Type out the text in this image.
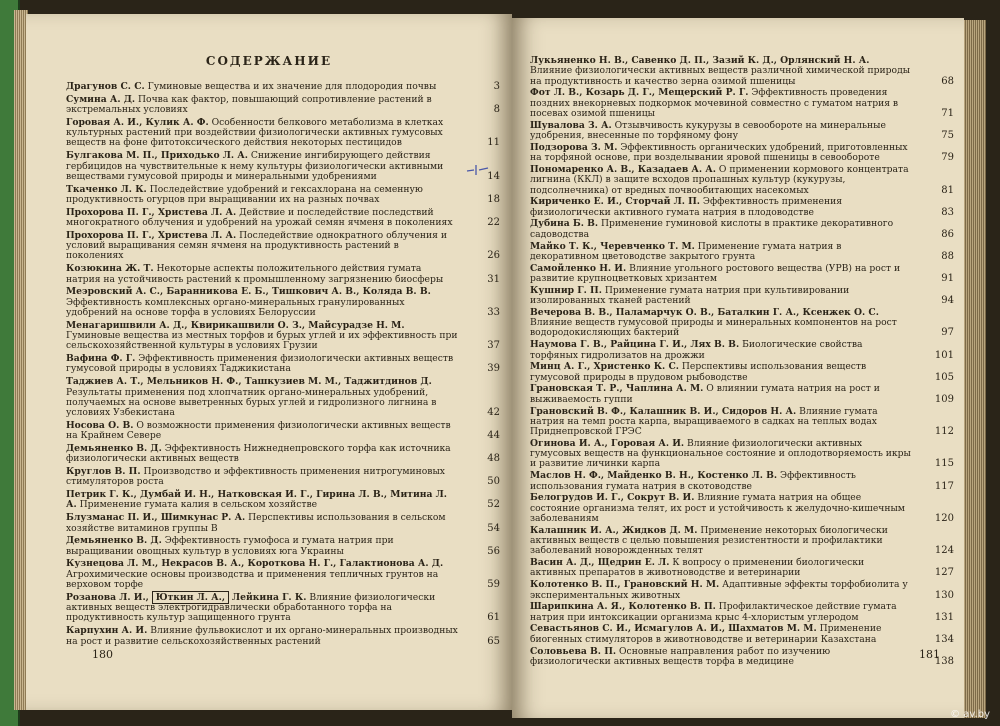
СОДЕРЖАНИЕ
Драгунов С. С. Гуминовые вещества и их значение для плодородия почвы	3
Сумина А. Д. Почва как фактор, повышающий сопротивление растений в экстремальных условиях	8
Горовая А. И., Кулик А. Ф. Особенности белкового метаболизма в клетках культурных растений при воздействии физиологически активных гумусовых веществ на фоне фитотоксического действия некоторых пестицидов	11
Булгакова М. П., Приходько Л. А. Снижение ингибирующего действия гербицидов на чувствительные к нему культуры физиологически активными веществами гумусовой природы и минеральными удобрениями	14
Ткаченко Л. К. Последействие удобрений и гексахлорана на семенную продуктивность огурцов при выращивании их на разных почвах	18
Прохорова П. Г., Христева Л. А. Действие и последействие последствий многократного облучения и удобрений на урожай семян ячменя в поколениях	22
Прохорова П. Г., Христева Л. А. Последействие однократного облучения и условий выращивания семян ячменя на продуктивность растений в поколениях	26
Козюкина Ж. Т. Некоторые аспекты положительного действия гумата натрия на устойчивость растений к промышленному загрязнению биосферы	31
Меэровский А. С., Баранникова Е. Б., Тишкович А. В., Коляда В. В. Эффективность комплексных органо-минеральных гранулированных удобрений на основе торфа в условиях Белоруссии	33
Менагаришвили А. Д., Квирикашвили О. З., Майсурадзе Н. М. Гуминовые вещества из местных торфов и бурых углей и их эффективность при сельскохозяйственной культуры в условиях Грузии	37
Вафина Ф. Г. Эффективность применения физиологически активных веществ гумусовой природы в условиях Таджикистана	39
Таджиев А. Т., Мельников Н. Ф., Ташкузиев М. М., Таджитдинов Д. Результаты применения под хлопчатник органо-минеральных удобрений, получаемых на основе выветренных бурых углей и гидролизного лигнина в условиях Узбекистана	42
Носова О. В. О возможности применения физиологически активных веществ на Крайнем Севере	44
Демьяненко В. Д. Эффективность Нижнеднепровского торфа как источника физиологически активных веществ	48
Круглов В. П. Производство и эффективность применения нитрогуминовых стимуляторов роста	50
Петрик Г. К., Думбай И. Н., Натковская И. Г., Гирина Л. В., Митина Л. А. Применение гумата калия в сельском хозяйстве	52
Блузманас П. И., Шимкунас Р. А. Перспективы использования в сельском хозяйстве витаминов группы В	54
Демьяненко В. Д. Эффективность гумофоса и гумата натрия при выращивании овощных культур в условиях юга Украины	56
Кузнецова Л. М., Некрасов В. А., Короткова Н. Г., Галактионова А. Д. Агрохимические основы производства и применения тепличных грунтов на верховом торфе	59
Розанова Л. И., Юткин Л. А., Лейкина Г. К. Влияние физиологически активных веществ электрогидравлически обработанного торфа на продуктивность культур защищенного грунта	61
Карпухин А. И. Влияние фульвокислот и их органо-минеральных производных на рост и развитие сельскохозяйственных растений	65
180
Лукьяненко Н. В., Савенко Д. П., Зазий К. Д., Орлянский Н. А. Влияние физиологически активных веществ различной химической природы на продуктивность и качество зерна озимой пшеницы	68
Фот Л. В., Козарь Д. Г., Мещерский Р. Г. Эффективность проведения поздних внекорневых подкормок мочевиной совместно с гуматом натрия в посевах озимой пшеницы	71
Шувалова З. А. Отзывчивость кукурузы в севообороте на минеральные удобрения, внесенные по торфяному фону	75
Подзорова З. М. Эффективность органических удобрений, приготовленных на торфяной основе, при возделывании яровой пшеницы в севообороте	79
Пономаренко А. В., Казадаев А. А. О применении кормового концентрата лигнина (ККЛ) в защите всходов пропашных культур (кукурузы, подсолнечника) от вредных почвообитающих насекомых	81
Кириченко Е. И., Сторчай Л. П. Эффективность применения физиологически активного гумата натрия в плодоводстве	83
Дубина Б. В. Применение гуминовой кислоты в практике декоративного садоводства	86
Майко Т. К., Черевченко Т. М. Применение гумата натрия в декоративном цветоводстве закрытого грунта	88
Самойленко Н. И. Влияние угольного ростового вещества (УРВ) на рост и развитие крупноцветковых хризантем	91
Кушнир Г. П. Применение гумата натрия при культивировании изолированных тканей растений	94
Вечерова В. В., Паламарчук О. В., Баталкин Г. А., Ксенжек О. С. Влияние веществ гумусовой природы и минеральных компонентов на рост водородокисляющих бактерий	97
Наумова Г. В., Райцина Г. И., Лях В. В. Биологические свойства торфяных гидролизатов на дрожжи	101
Минц А. Г., Христенко К. С. Перспективы использования веществ гумусовой природы в прудовом рыбоводстве	105
Грановская Т. Р., Чаплина А. М. О влиянии гумата натрия на рост и выживаемость гуппи	109
Грановский В. Ф., Калашник В. И., Сидоров Н. А. Влияние гумата натрия на темп роста карпа, выращиваемого в садках на теплых водах Приднепровской ГРЭС	112
Огинова И. А., Горовая А. И. Влияние физиологически активных гумусовых веществ на функциональное состояние и оплодотворяемость икры и развитие личинки карпа	115
Маслов Н. Ф., Майденко В. Н., Костенко Л. В. Эффективность использования гумата натрия в скотоводстве	117
Белогрудов И. Г., Сокрут В. И. Влияние гумата натрия на общее состояние организма телят, их рост и устойчивость к желудочно-кишечным заболеваниям	120
Калашник И. А., Жидков Д. М. Применение некоторых биологически активных веществ с целью повышения резистентности и профилактики заболеваний новорожденных телят	124
Васин А. Д., Щедрин Е. Л. К вопросу о применении биологически активных препаратов в животноводстве и ветеринарии	127
Колотенко В. П., Грановский Н. М. Адаптивные эффекты торфобиолита у экспериментальных животных	130
Шарипкина А. Я., Колотенко В. П. Профилактическое действие гумата натрия при интоксикации организма крыс 4-хлористым углеродом	131
Севастьянов С. И., Исмагулов А. И., Шахматов М. М. Применение биогенных стимуляторов в животноводстве и ветеринарии Казахстана	134
Соловьева В. П. Основные направления работ по изучению физиологически активных веществ торфа в медицине	138
181
© av.by
